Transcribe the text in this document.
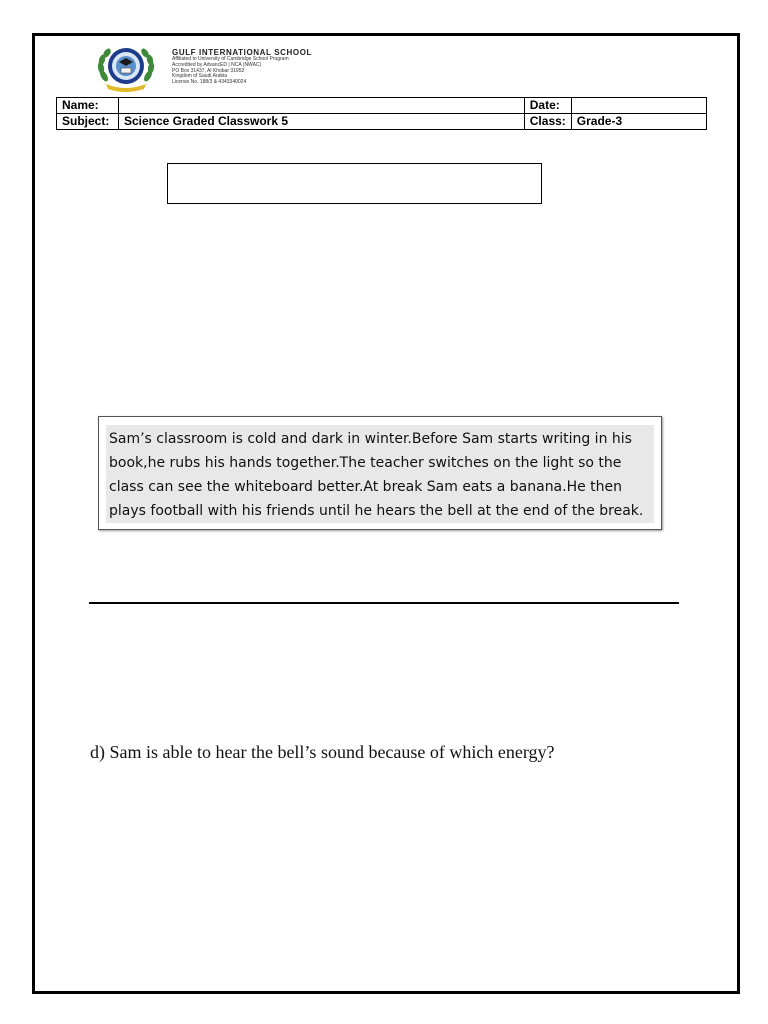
GULF INTERNATIONAL SCHOOL
Affiliated to University of Cambridge School Program
Accredited by AdvancED | NCA (NWAC)
PO Box 31437, Al Khobar 31952
Kingdom of Saudi Arabia
License No. 188/3 & 4343340024
Name:		Date:	
Subject:	Science Graded Classwork 5	Class:	Grade-3
Sam’s classroom is cold and dark in winter.Before Sam starts writing in his
book,he rubs his hands together.The teacher switches on the light so the
class can see the whiteboard better.At break Sam eats a banana.He then
plays football with his friends until he hears the bell at the end of the break.
d) Sam is able to hear the bell’s sound because of which energy?
